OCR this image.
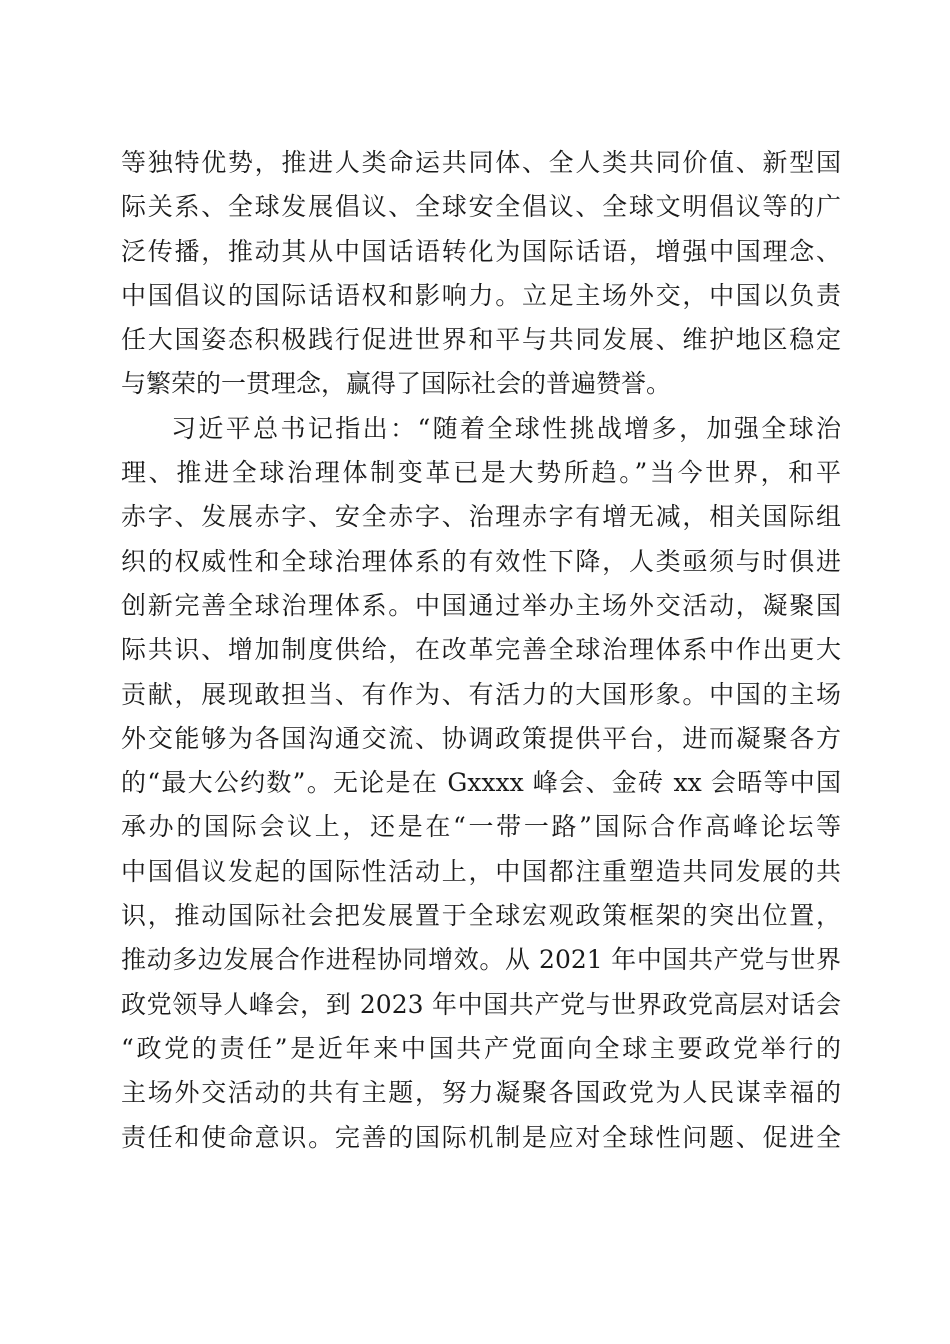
等独特优势，推进人类命运共同体、全人类共同价值、新型国
际关系、全球发展倡议、全球安全倡议、全球文明倡议等的广
泛传播，推动其从中国话语转化为国际话语，增强中国理念、
中国倡议的国际话语权和影响力。立足主场外交，中国以负责
任大国姿态积极践行促进世界和平与共同发展、维护地区稳定
与繁荣的一贯理念，赢得了国际社会的普遍赞誉。
习近平总书记指出：“随着全球性挑战增多，加强全球治
理、推进全球治理体制变革已是大势所趋。”当今世界，和平
赤字、发展赤字、安全赤字、治理赤字有增无减，相关国际组
织的权威性和全球治理体系的有效性下降，人类亟须与时俱进
创新完善全球治理体系。中国通过举办主场外交活动，凝聚国
际共识、增加制度供给，在改革完善全球治理体系中作出更大
贡献，展现敢担当、有作为、有活力的大国形象。中国的主场
外交能够为各国沟通交流、协调政策提供平台，进而凝聚各方
的“最大公约数”。无论是在 Gxxxx 峰会、金砖 xx 会晤等中国
承办的国际会议上，还是在“一带一路”国际合作高峰论坛等
中国倡议发起的国际性活动上，中国都注重塑造共同发展的共
识，推动国际社会把发展置于全球宏观政策框架的突出位置，
推动多边发展合作进程协同增效。从 2021 年中国共产党与世界
政党领导人峰会，到 2023 年中国共产党与世界政党高层对话会
“政党的责任”是近年来中国共产党面向全球主要政党举行的
主场外交活动的共有主题，努力凝聚各国政党为人民谋幸福的
责任和使命意识。完善的国际机制是应对全球性问题、促进全
